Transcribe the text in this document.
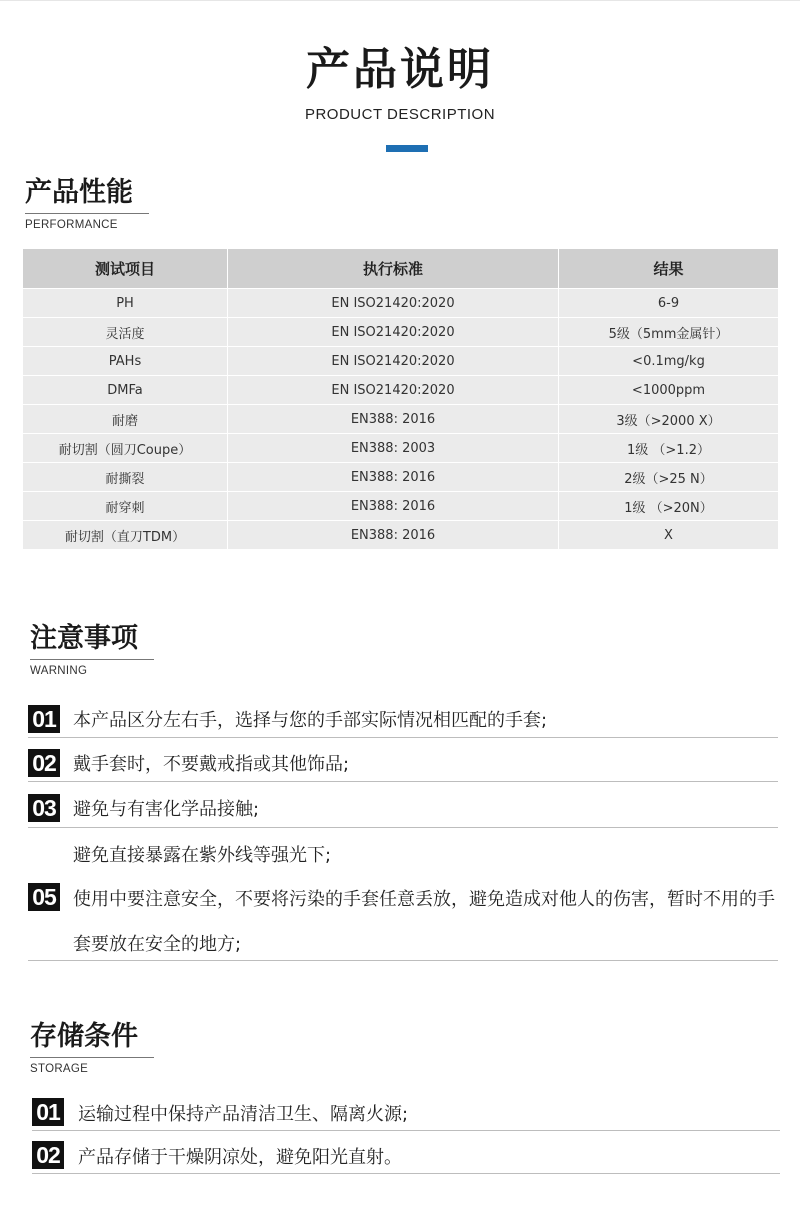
产品说明
PRODUCT DESCRIPTION
产品性能
PERFORMANCE
测试项目	执行标准	结果
PH	EN ISO21420:2020	6-9
灵活度	EN ISO21420:2020	5级（5mm金属针）
PAHs	EN ISO21420:2020	<0.1mg/kg
DMFa	EN ISO21420:2020	<1000ppm
耐磨	EN388: 2016	3级（>2000 X）
耐切割（圆刀Coupe）	EN388: 2003	1级 （>1.2）
耐撕裂	EN388: 2016	2级（>25 N）
耐穿刺	EN388: 2016	1级 （>20N）
耐切割（直刀TDM）	EN388: 2016	X
注意事项
WARNING
01 本产品区分左右手，选择与您的手部实际情况相匹配的手套;
02 戴手套时，不要戴戒指或其他饰品;
03 避免与有害化学品接触;
避免直接暴露在紫外线等强光下;
05 使用中要注意安全，不要将污染的手套任意丢放，避免造成对他人的伤害，暂时不用的手套要放在安全的地方;
存储条件
STORAGE
01 运输过程中保持产品清洁卫生、隔离火源;
02 产品存储于干燥阴凉处，避免阳光直射。
